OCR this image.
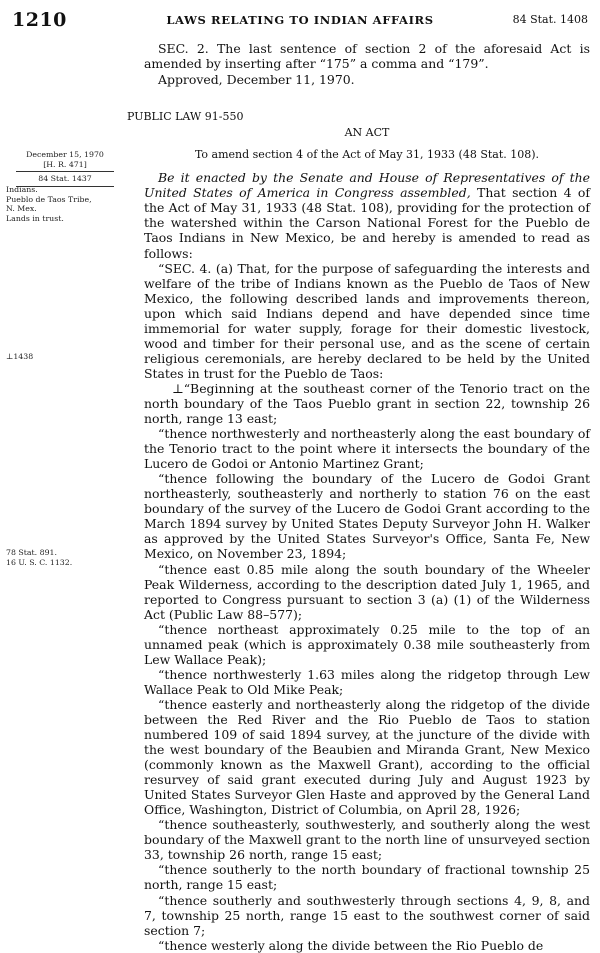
1210	LAWS RELATING TO INDIAN AFFAIRS	84 Stat. 1408

SEC. 2. The last sentence of section 2 of the aforesaid Act is amended by inserting after “175” a comma and “179”.

Approved, December 11, 1970.

PUBLIC LAW 91-550

AN ACT

To amend section 4 of the Act of May 31, 1933 (48 Stat. 108).

Be it enacted by the Senate and House of Representatives of the United States of America in Congress assembled, That section 4 of the Act of May 31, 1933 (48 Stat. 108), providing for the protection of the watershed within the Carson National Forest for the Pueblo de Taos Indians in New Mexico, be and hereby is amended to read as follows:

“SEC. 4. (a) That, for the purpose of safeguarding the interests and welfare of the tribe of Indians known as the Pueblo de Taos of New Mexico, the following described lands and improvements thereon, upon which said Indians depend and have depended since time immemorial for water supply, forage for their domestic livestock, wood and timber for their personal use, and as the scene of certain religious ceremonials, are hereby declared to be held by the United States in trust for the Pueblo de Taos:

⊥“Beginning at the southeast corner of the Tenorio tract on the north boundary of the Taos Pueblo grant in section 22, township 26 north, range 13 east;

“thence northwesterly and northeasterly along the east boundary of the Tenorio tract to the point where it intersects the boundary of the Lucero de Godoi or Antonio Martinez Grant;

“thence following the boundary of the Lucero de Godoi Grant northeasterly, southeasterly and northerly to station 76 on the east boundary of the survey of the Lucero de Godoi Grant according to the March 1894 survey by United States Deputy Surveyor John H. Walker as approved by the United States Surveyor's Office, Santa Fe, New Mexico, on November 23, 1894;

“thence east 0.85 mile along the south boundary of the Wheeler Peak Wilderness, according to the description dated July 1, 1965, and reported to Congress pursuant to section 3 (a) (1) of the Wilderness Act (Public Law 88–577);

“thence northeast approximately 0.25 mile to the top of an unnamed peak (which is approximately 0.38 mile southeasterly from Lew Wallace Peak);

“thence northwesterly 1.63 miles along the ridgetop through Lew Wallace Peak to Old Mike Peak;

“thence easterly and northeasterly along the ridgetop of the divide between the Red River and the Rio Pueblo de Taos to station numbered 109 of said 1894 survey, at the juncture of the divide with the west boundary of the Beaubien and Miranda Grant, New Mexico (commonly known as the Maxwell Grant), according to the official resurvey of said grant executed during July and August 1923 by United States Surveyor Glen Haste and approved by the General Land Office, Washington, District of Columbia, on April 28, 1926;

“thence southeasterly, southwesterly, and southerly along the west boundary of the Maxwell grant to the north line of unsurveyed section 33, township 26 north, range 15 east;

“thence southerly to the north boundary of fractional township 25 north, range 15 east;

“thence southerly and southwesterly through sections 4, 9, 8, and 7, township 25 north, range 15 east to the southwest corner of said section 7;

“thence westerly along the divide between the Rio Pueblo de

December 15, 1970
[H. R. 471]
84 Stat. 1437
Indians.
Pueblo de Taos Tribe,
N. Mex.
Lands in trust.
⊥1438
78 Stat. 891.
16 U. S. C. 1132.
